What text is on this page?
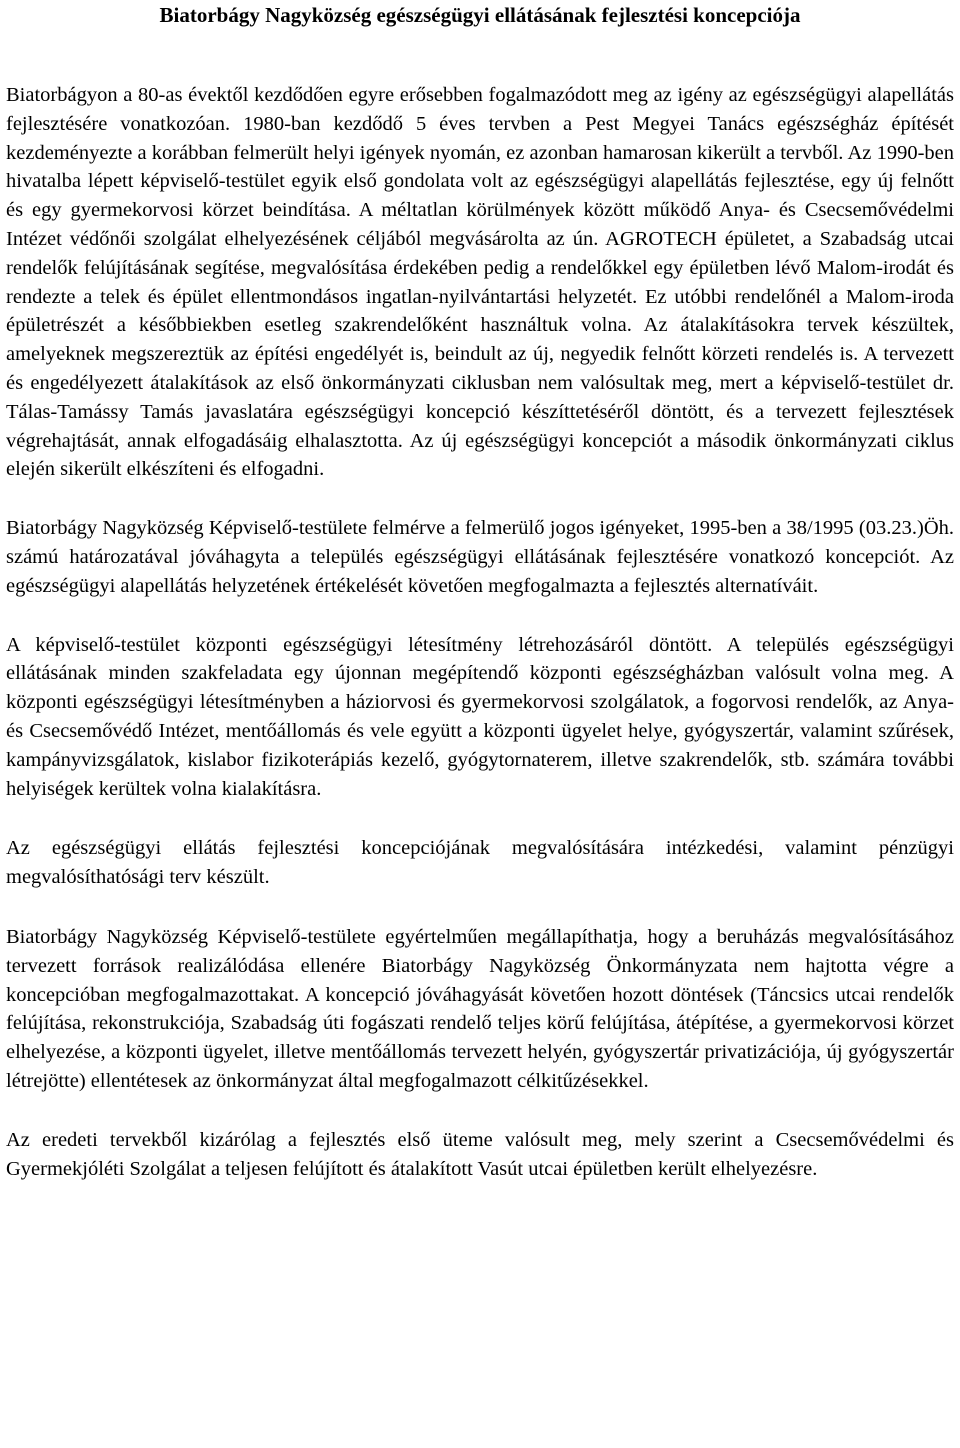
Biatorbágy Nagyközség egészségügyi ellátásának fejlesztési koncepciója

Biatorbágyon a 80-as évektől kezdődően egyre erősebben fogalmazódott meg az igény az egészségügyi alapellátás fejlesztésére vonatkozóan. 1980-ban kezdődő 5 éves tervben a Pest Megyei Tanács egészségház építését kezdeményezte a korábban felmerült helyi igények nyomán, ez azonban hamarosan kikerült a tervből. Az 1990-ben hivatalba lépett képviselő-testület egyik első gondolata volt az egészségügyi alapellátás fejlesztése, egy új felnőtt és egy gyermekorvosi körzet beindítása. A méltatlan körülmények között működő Anya- és Csecsemővédelmi Intézet védőnői szolgálat elhelyezésének céljából megvásárolta az ún. AGROTECH épületet, a Szabadság utcai rendelők felújításának segítése, megvalósítása érdekében pedig a rendelőkkel egy épületben lévő Malom-irodát és rendezte a telek és épület ellentmondásos ingatlan-nyilvántartási helyzetét. Ez utóbbi rendelőnél a Malom-iroda épületrészét a későbbiekben esetleg szakrendelőként használtuk volna. Az átalakításokra tervek készültek, amelyeknek megszereztük az építési engedélyét is, beindult az új, negyedik felnőtt körzeti rendelés is. A tervezett és engedélyezett átalakítások az első önkormányzati ciklusban nem valósultak meg, mert a képviselő-testület dr. Tálas-Tamássy Tamás javaslatára egészségügyi koncepció készíttetéséről döntött, és a tervezett fejlesztések végrehajtását, annak elfogadásáig elhalasztotta. Az új egészségügyi koncepciót a második önkormányzati ciklus elején sikerült elkészíteni és elfogadni.

Biatorbágy Nagyközség Képviselő-testülete felmérve a felmerülő jogos igényeket, 1995-ben a 38/1995 (03.23.)Öh. számú határozatával jóváhagyta a település egészségügyi ellátásának fejlesztésére vonatkozó koncepciót. Az egészségügyi alapellátás helyzetének értékelését követően megfogalmazta a fejlesztés alternatíváit.

A képviselő-testület központi egészségügyi létesítmény létrehozásáról döntött. A település egészségügyi ellátásának minden szakfeladata egy újonnan megépítendő központi egészségházban valósult volna meg. A központi egészségügyi létesítményben a háziorvosi és gyermekorvosi szolgálatok, a fogorvosi rendelők, az Anya- és Csecsemővédő Intézet, mentőállomás és vele együtt a központi ügyelet helye, gyógyszertár, valamint szűrések, kampányvizsgálatok, kislabor fizikoterápiás kezelő, gyógytornaterem, illetve szakrendelők, stb. számára további helyiségek kerültek volna kialakításra.

Az egészségügyi ellátás fejlesztési koncepciójának megvalósítására intézkedési, valamint pénzügyi megvalósíthatósági terv készült.

Biatorbágy Nagyközség Képviselő-testülete egyértelműen megállapíthatja, hogy a beruházás megvalósításához tervezett források realizálódása ellenére Biatorbágy Nagyközség Önkormányzata nem hajtotta végre a koncepcióban megfogalmazottakat. A koncepció jóváhagyását követően hozott döntések (Táncsics utcai rendelők felújítása, rekonstrukciója, Szabadság úti fogászati rendelő teljes körű felújítása, átépítése, a gyermekorvosi körzet elhelyezése, a központi ügyelet, illetve mentőállomás tervezett helyén, gyógyszertár privatizációja, új gyógyszertár létrejötte) ellentétesek az önkormányzat által megfogalmazott célkitűzésekkel.

Az eredeti tervekből kizárólag a fejlesztés első üteme valósult meg, mely szerint a Csecsemővédelmi és Gyermekjóléti Szolgálat a teljesen felújított és átalakított Vasút utcai épületben került elhelyezésre.
